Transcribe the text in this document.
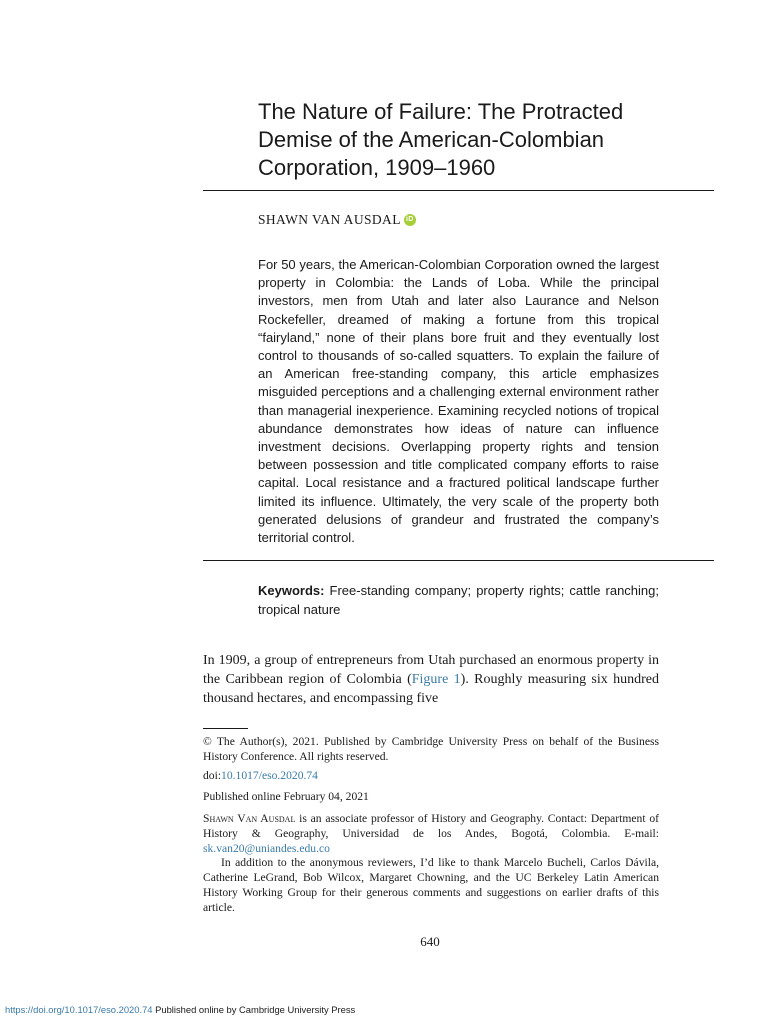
The Nature of Failure: The Protracted Demise of the American-Colombian Corporation, 1909–1960
SHAWN VAN AUSDAL iD

For 50 years, the American-Colombian Corporation owned the largest property in Colombia: the Lands of Loba. While the principal investors, men from Utah and later also Laurance and Nelson Rockefeller, dreamed of making a fortune from this tropical “fairyland,” none of their plans bore fruit and they eventually lost control to thousands of so-called squatters. To explain the failure of an American free-standing company, this article emphasizes misguided perceptions and a challenging external environment rather than managerial inexperience. Examining recycled notions of tropical abundance demonstrates how ideas of nature can influence investment decisions. Overlapping property rights and tension between possession and title complicated company efforts to raise capital. Local resistance and a fractured political landscape further limited its influence. Ultimately, the very scale of the property both generated delusions of grandeur and frustrated the company’s territorial control.

Keywords: Free-standing company; property rights; cattle ranching; tropical nature

In 1909, a group of entrepreneurs from Utah purchased an enormous property in the Caribbean region of Colombia (Figure 1). Roughly measuring six hundred thousand hectares, and encompassing five

© The Author(s), 2021. Published by Cambridge University Press on behalf of the Business History Conference. All rights reserved.

doi:10.1017/eso.2020.74

Published online February 04, 2021

Shawn Van Ausdal is an associate professor of History and Geography. Contact: Department of History & Geography, Universidad de los Andes, Bogotá, Colombia. E-mail: sk.van20@uniandes.edu.co

In addition to the anonymous reviewers, I’d like to thank Marcelo Bucheli, Carlos Dávila, Catherine LeGrand, Bob Wilcox, Margaret Chowning, and the UC Berkeley Latin American History Working Group for their generous comments and suggestions on earlier drafts of this article.

640
https://doi.org/10.1017/eso.2020.74 Published online by Cambridge University Press
